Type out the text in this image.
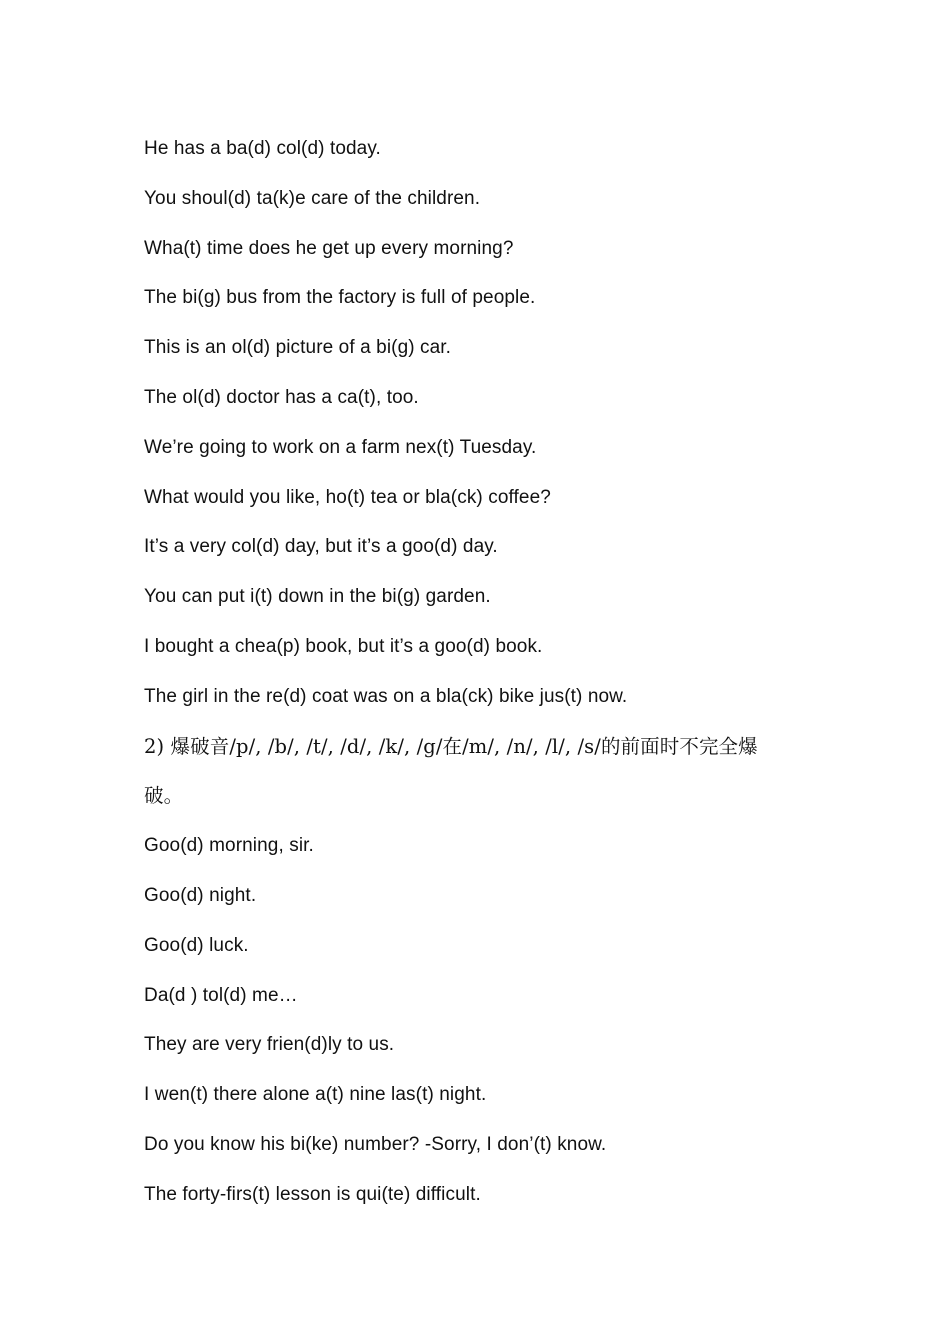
He has a ba(d) col(d) today.
You shoul(d) ta(k)e care of the children.
Wha(t) time does he get up every morning?
The bi(g) bus from the factory is full of people.
This is an ol(d) picture of a bi(g) car.
The ol(d) doctor has a ca(t), too.
We’re going to work on a farm nex(t) Tuesday.
What would you like, ho(t) tea or bla(ck) coffee?
It’s a very col(d) day, but it’s a goo(d) day.
You can put i(t) down in the bi(g) garden.
I bought a chea(p) book, but it’s a goo(d) book.
The girl in the re(d) coat was on a bla(ck) bike jus(t) now.
2) 爆破音/p/, /b/, /t/, /d/, /k/, /g/在/m/, /n/, /l/, /s/的前面时不完全爆
破。
Goo(d) morning, sir.
Goo(d) night.
Goo(d) luck.
Da(d ) tol(d) me…
They are very frien(d)ly to us.
I wen(t) there alone a(t) nine las(t) night.
Do you know his bi(ke) number? -Sorry, I don’(t) know.
The forty-firs(t) lesson is qui(te) difficult.
